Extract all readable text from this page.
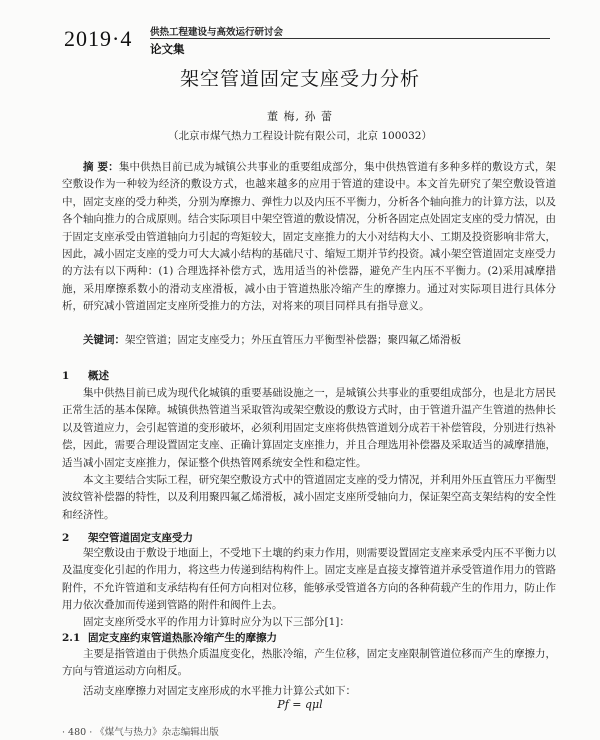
2019·4 供热工程建设与高效运行研讨会
论文集
架空管道固定支座受力分析
董 梅, 孙 蕾
（北京市煤气热力工程设计院有限公司，北京 100032）
摘 要：集中供热目前已成为城镇公共事业的重要组成部分，集中供热管道有多种多样的敷设方式，架空敷设作为一种较为经济的敷设方式，也越来越多的应用于管道的建设中。本文首先研究了架空敷设管道中，固定支座的受力种类，分别为摩擦力、弹性力以及内压不平衡力，分析各个轴向推力的计算方法，以及各个轴向推力的合成原则。结合实际项目中架空管道的敷设情况，分析各固定点处固定支座的受力情况，由于固定支座承受由管道轴向力引起的弯矩较大，固定支座推力的大小对结构大小、工期及投资影响非常大，因此，减小固定支座的受力可大大减小结构的基础尺寸、缩短工期并节约投资。减小架空管道固定支座受力的方法有以下两种：(1) 合理选择补偿方式，选用适当的补偿器，避免产生内压不平衡力。(2)采用减摩措施，采用摩擦系数小的滑动支座滑板，减小由于管道热胀冷缩产生的摩擦力。通过对实际项目进行具体分析，研究减小管道固定支座所受推力的方法，对将来的项目同样具有指导意义。
关键词：架空管道；固定支座受力；外压直管压力平衡型补偿器；聚四氟乙烯滑板
1 概述
集中供热目前已成为现代化城镇的重要基础设施之一，是城镇公共事业的重要组成部分，也是北方居民正常生活的基本保障。城镇供热管道当采取管沟或架空敷设的敷设方式时，由于管道升温产生管道的热伸长以及管道应力，会引起管道的变形破坏，必须利用固定支座将供热管道划分成若干补偿管段，分别进行热补偿，因此，需要合理设置固定支座、正确计算固定支座推力，并且合理选用补偿器及采取适当的减摩措施，适当减小固定支座推力，保证整个供热管网系统安全性和稳定性。
本文主要结合实际工程，研究架空敷设方式中的管道固定支座的受力情况，并利用外压直管压力平衡型波纹管补偿器的特性，以及利用聚四氟乙烯滑板，减小固定支座所受轴向力，保证架空高支架结构的安全性和经济性。
2 架空管道固定支座受力
架空敷设由于敷设于地面上，不受地下土壤的约束力作用，则需要设置固定支座来承受内压不平衡力以及温度变化引起的作用力，将这些力传递到结构构件上。固定支座是直接支撑管道并承受管道作用力的管路附件，不允许管道和支承结构有任何方向相对位移，能够承受管道各方向的各种荷载产生的作用力，防止作用力依次叠加而传递到管路的附件和阀件上去。
固定支座所受水平的作用力计算时应分为以下三部分[1]：
2.1 固定支座约束管道热胀冷缩产生的摩擦力
主要是指管道由于供热介质温度变化，热胀冷缩，产生位移，固定支座限制管道位移而产生的摩擦力，方向与管道运动方向相反。
活动支座摩擦力对固定支座形成的水平推力计算公式如下：
Pf = qμl
· 480 · 《煤气与热力》杂志编辑出版
